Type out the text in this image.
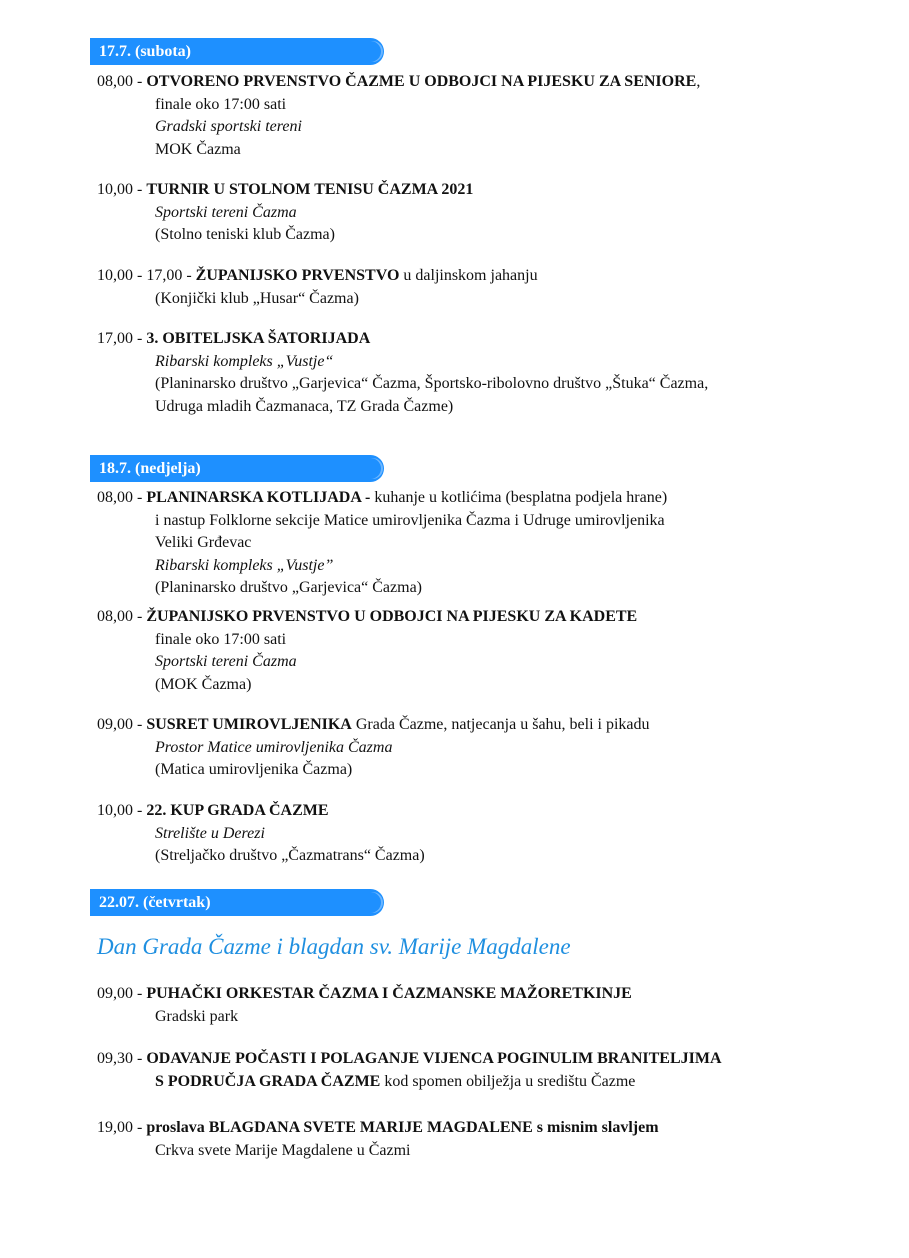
17.7. (subota)
08,00 - OTVORENO PRVENSTVO ČAZME U ODBOJCI NA PIJESKU ZA SENIORE,
finale oko 17:00 sati
Gradski sportski tereni
MOK Čazma
10,00 - TURNIR U STOLNOM TENISU ČAZMA 2021
Sportski tereni Čazma
(Stolno teniski klub Čazma)
10,00 - 17,00 - ŽUPANIJSKO PRVENSTVO u daljinskom jahanju
(Konjički klub „Husar“ Čazma)
17,00 - 3. OBITELJSKA ŠATORIJADA
Ribarski kompleks „Vustje“
(Planinarsko društvo „Garjevica“ Čazma, Športsko-ribolovno društvo „Štuka“ Čazma,
Udruga mladih Čazmanaca, TZ Grada Čazme)
18.7. (nedjelja)
08,00 - PLANINARSKA KOTLIJADA - kuhanje u kotlićima (besplatna podjela hrane)
i nastup Folklorne sekcije Matice umirovljenika Čazma i Udruge umirovljenika
Veliki Grđevac
Ribarski kompleks „Vustje”
(Planinarsko društvo „Garjevica“ Čazma)
08,00 - ŽUPANIJSKO PRVENSTVO U ODBOJCI NA PIJESKU ZA KADETE
finale oko 17:00 sati
Sportski tereni Čazma
(MOK Čazma)
09,00 - SUSRET UMIROVLJENIKA Grada Čazme, natjecanja u šahu, beli i pikadu
Prostor Matice umirovljenika Čazma
(Matica umirovljenika Čazma)
10,00 - 22. KUP GRADA ČAZME
Strelište u Derezi
(Streljačko društvo „Čazmatrans“ Čazma)
22.07. (četvrtak)
Dan Grada Čazme i blagdan sv. Marije Magdalene
09,00 - PUHAČKI ORKESTAR ČAZMA I ČAZMANSKE MAŽORETKINJE
Gradski park
09,30 - ODAVANJE POČASTI I POLAGANJE VIJENCA POGINULIM BRANITELJIMA
S PODRUČJA GRADA ČAZME kod spomen obilježja u središtu Čazme
19,00 - proslava BLAGDANA SVETE MARIJE MAGDALENE s misnim slavljem
Crkva svete Marije Magdalene u Čazmi
